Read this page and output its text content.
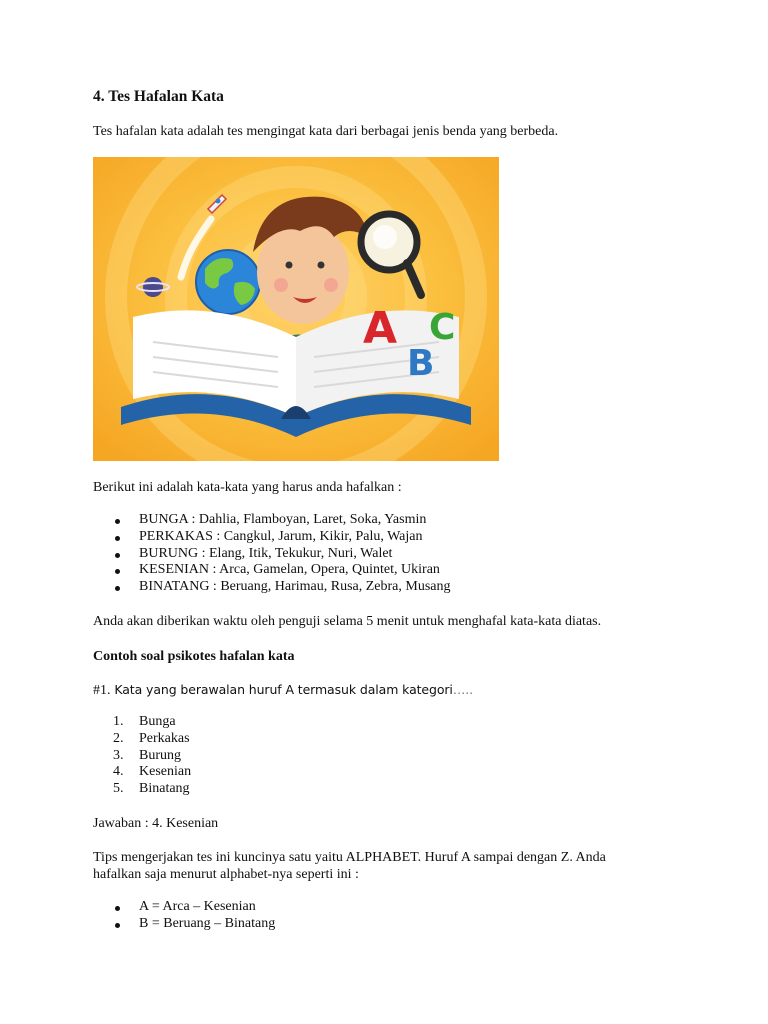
4. Tes Hafalan Kata

Tes hafalan kata adalah tes mengingat kata dari berbagai jenis benda yang berbeda.

A
B
C

Berikut ini adalah kata-kata yang harus anda hafalkan :

BUNGA : Dahlia, Flamboyan, Laret, Soka, Yasmin
PERKAKAS : Cangkul, Jarum, Kikir, Palu, Wajan
BURUNG : Elang, Itik, Tekukur, Nuri, Walet
KESENIAN : Arca, Gamelan, Opera, Quintet, Ukiran
BINATANG : Beruang, Harimau, Rusa, Zebra, Musang

Anda akan diberikan waktu oleh penguji selama 5 menit untuk menghafal kata-kata diatas.

Contoh soal psikotes hafalan kata

#1. Kata yang berawalan huruf A termasuk dalam kategori…..

1. Bunga
2. Perkakas
3. Burung
4. Kesenian
5. Binatang

Jawaban : 4. Kesenian

Tips mengerjakan tes ini kuncinya satu yaitu ALPHABET. Huruf A sampai dengan Z. Anda

hafalkan saja menurut alphabet-nya seperti ini :

A = Arca – Kesenian
B = Beruang – Binatang
